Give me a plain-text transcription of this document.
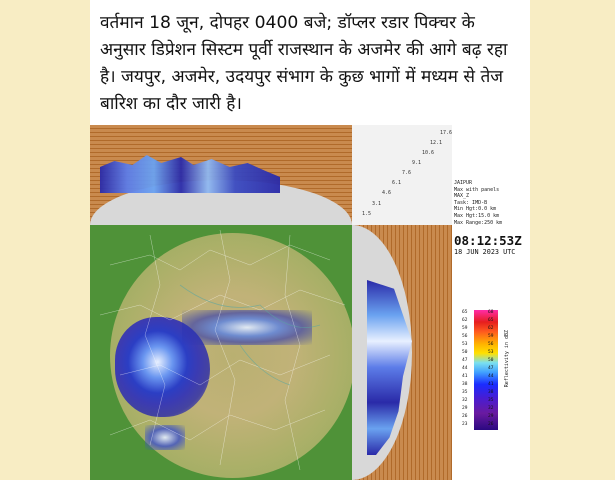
वर्तमान 18 जून, दोपहर 0400 बजे; डॉप्लर रडार पिक्चर के अनुसार डिप्रेशन सिस्टम पूर्वी राजस्थान के अजमेर की आगे बढ़ रहा है। जयपुर, अजमेर, उदयपुर संभाग के कुछ भागों में मध्यम से तेज बारिश का दौर जारी है।

17.6
12.1
10.6
9.1
7.6
6.1
4.6
3.1
1.5
JAIPUR
Max with panels
MAX_Z
Task: IMD-B
Min Hgt:0.0 km
Max Hgt:15.0 km
Max Range:250 km
08:12:53Z
18 JUN 2023 UTC
65
62
59
56
53
50
47
44
41
38
35
32
29
26
23
68
65
62
59
56
53
50
47
44
41
38
35
32
29
26
Reflectivity in dBZ
